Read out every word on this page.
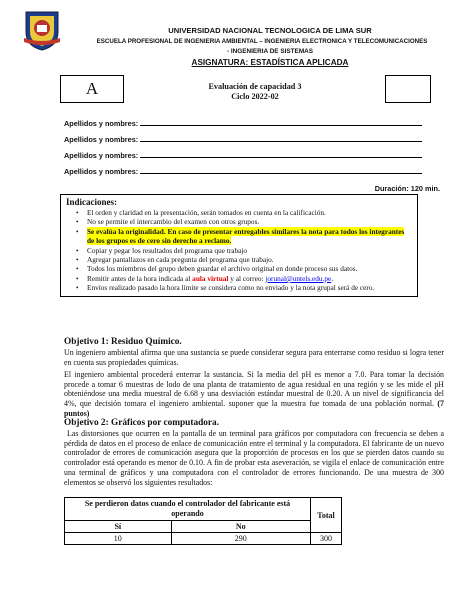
UNIVERSIDAD NACIONAL TECNOLOGICA DE LIMA SUR
ESCUELA PROFESIONAL DE INGENIERIA AMBIENTAL – INGENIERIA ELECTRONICA Y TELECOMUNICACIONES
- INGENIERIA DE SISTEMAS
ASIGNATURA: ESTADÍSTICA APLICADA
A	Evaluación de capacidad 3
Ciclo 2022-02
Apellidos y nombres:
Apellidos y nombres:
Apellidos y nombres:
Apellidos y nombres:
Duración: 120 min.
Indicaciones:
• El orden y claridad en la presentación, serán tomados en cuenta en la calificación.
• No se permite el intercambio del examen con otros grupos.
• Se evalúa la originalidad. En caso de presentar entregables similares la nota para todos los integrantes de los grupos es de cero sin derecho a reclamo.
• Copiar y pegar los resultados del programa que trabajo
• Agregar pantallazos en cada pregunta del programa que trabajo.
• Todos los miembros del grupo deben guardar el archivo original en donde proceso sus datos.
• Remitir antes de la hora indicada al aula virtual y al correo: jorunal@untels.edu.pe.
• Envíos realizado pasado la hora límite se considera como no enviado y la nota grupal será de cero.
Objetivo 1: Residuo Químico.
Un ingeniero ambiental afirma que una sustancia se puede considerar segura para enterrarse como residuo si logra tener en cuenta sus propiedades químicas.
El ingeniero ambiental procederá enterrar la sustancia. Si la media del pH es menor a 7.0. Para tomar la decisión procede a tomar 6 muestras de lodo de una planta de tratamiento de agua residual en una región y se les mide el pH obteniéndose una media muestral de 6.68 y una desviación estándar muestral de 0.20. A un nivel de significancia del 4%, que decisión tomara el ingeniero ambiental. suponer que la muestra fue tomada de una población normal. (7 puntos)
Objetivo 2: Gráficos por computadora.
Las distorsiones que ocurren en la pantalla de un terminal para gráficos por computadora con frecuencia se deben a pérdida de datos en el proceso de enlace de comunicación entre el terminal y la computadora. El fabricante de un nuevo controlador de errores de comunicación asegura que la proporción de procesos en los que se pierden datos cuando su controlador está operando es menor de 0.10. A fin de probar esta aseveración, se vigila el enlace de comunicación entre una terminal de gráficos y una computadora con el controlador de errores funcionando. De una muestra de 300 elementos se observó los siguientes resultados:
Se perdieron datos cuando el controlador del fabricante está operando		Total
Sí	No	
10	290	300
